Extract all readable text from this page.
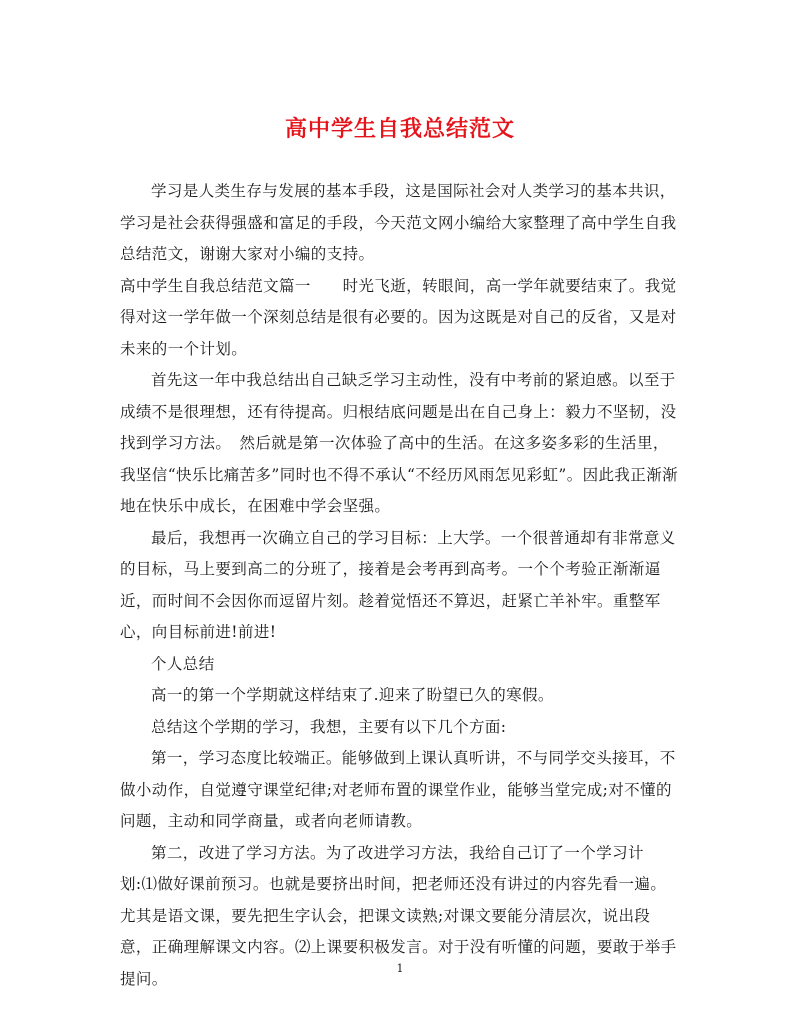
高中学生自我总结范文

学习是人类生存与发展的基本手段，这是国际社会对人类学习的基本共识，学习是社会获得强盛和富足的手段，今天范文网小编给大家整理了高中学生自我总结范文，谢谢大家对小编的支持。

高中学生自我总结范文篇一　　时光飞逝，转眼间，高一学年就要结束了。我觉得对这一学年做一个深刻总结是很有必要的。因为这既是对自己的反省，又是对未来的一个计划。

首先这一年中我总结出自己缺乏学习主动性，没有中考前的紧迫感。以至于成绩不是很理想，还有待提高。归根结底问题是出在自己身上：毅力不坚韧，没找到学习方法。　然后就是第一次体验了高中的生活。在这多姿多彩的生活里，我坚信“快乐比痛苦多”同时也不得不承认“不经历风雨怎见彩虹”。因此我正渐渐地在快乐中成长，在困难中学会坚强。

最后，我想再一次确立自己的学习目标：上大学。一个很普通却有非常意义的目标，马上要到高二的分班了，接着是会考再到高考。一个个考验正渐渐逼近，而时间不会因你而逗留片刻。趁着觉悟还不算迟，赶紧亡羊补牢。重整军心，向目标前进!前进!

个人总结

高一的第一个学期就这样结束了.迎来了盼望已久的寒假。

总结这个学期的学习，我想，主要有以下几个方面:

第一，学习态度比较端正。能够做到上课认真听讲，不与同学交头接耳，不做小动作，自觉遵守课堂纪律;对老师布置的课堂作业，能够当堂完成;对不懂的问题，主动和同学商量，或者向老师请教。

第二，改进了学习方法。为了改进学习方法，我给自己订了一个学习计划:⑴做好课前预习。也就是要挤出时间，把老师还没有讲过的内容先看一遍。尤其是语文课，要先把生字认会，把课文读熟;对课文要能分清层次，说出段意，正确理解课文内容。⑵上课要积极发言。对于没有听懂的问题，要敢于举手提问。

1
